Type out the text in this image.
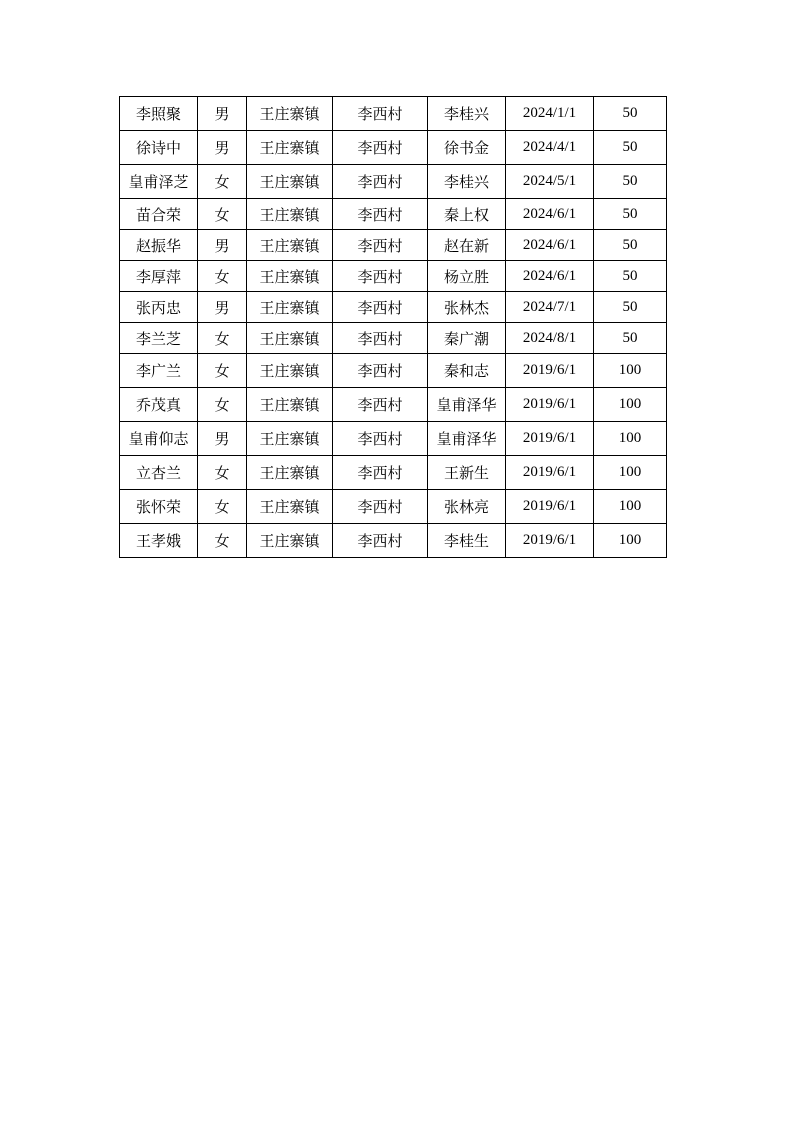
李照聚	男	王庄寨镇	李西村	李桂兴	2024/1/1	50
徐诗中	男	王庄寨镇	李西村	徐书金	2024/4/1	50
皇甫泽芝	女	王庄寨镇	李西村	李桂兴	2024/5/1	50
苗合荣	女	王庄寨镇	李西村	秦上权	2024/6/1	50
赵振华	男	王庄寨镇	李西村	赵在新	2024/6/1	50
李厚萍	女	王庄寨镇	李西村	杨立胜	2024/6/1	50
张丙忠	男	王庄寨镇	李西村	张林杰	2024/7/1	50
李兰芝	女	王庄寨镇	李西村	秦广潮	2024/8/1	50
李广兰	女	王庄寨镇	李西村	秦和志	2019/6/1	100
乔茂真	女	王庄寨镇	李西村	皇甫泽华	2019/6/1	100
皇甫仰志	男	王庄寨镇	李西村	皇甫泽华	2019/6/1	100
立杏兰	女	王庄寨镇	李西村	王新生	2019/6/1	100
张怀荣	女	王庄寨镇	李西村	张林亮	2019/6/1	100
王孝娥	女	王庄寨镇	李西村	李桂生	2019/6/1	100
